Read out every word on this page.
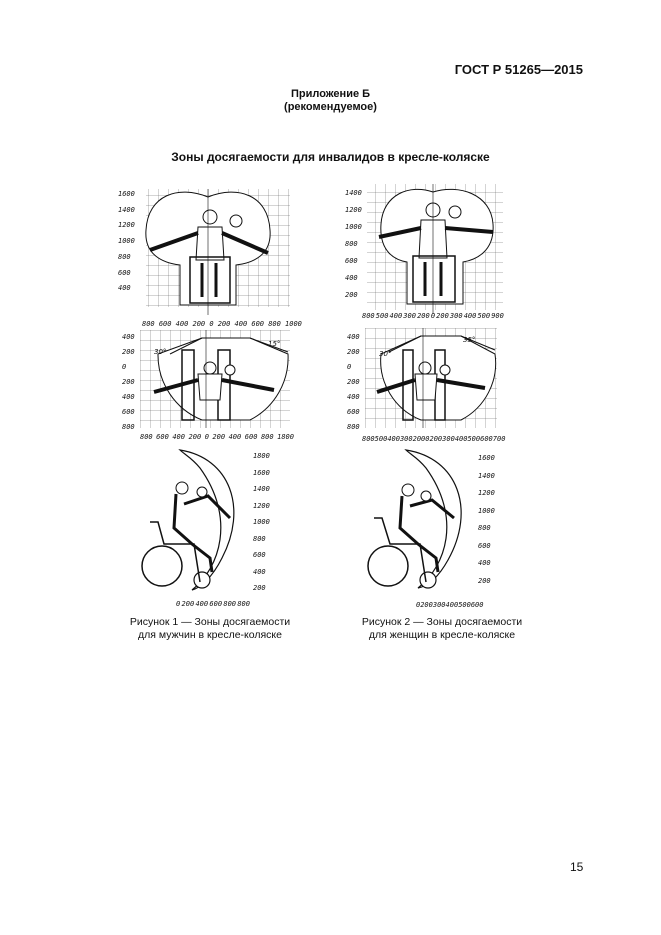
ГОСТ Р 51265—2015
Приложение Б
(рекомендуемое)
Зоны досягаемости для инвалидов в кресле-коляске
1600
1400
1200
1000
800
600
400
800 600 400 200 0 200 400 600 800 1000
1400
1200
1000
800
600
400
200
800 500 400 300 200 0 200 300 400 500 900
30°
15°
400
200
0
200
400
600
800
800 600 400 200 0 200 400 600 800 1800
30°
35°
400
200
0
200
400
600
800
800 500 400 300 200 0 200 300 400 500 600 700
1800
1600
1400
1200
1000
800
600
400
200
0 200 400 600 800 800
1600
1400
1200
1000
800
600
400
200
0 200 300 400 500 600
Рисунок 1 — Зоны досягаемости
для мужчин в кресле-коляске
Рисунок 2 — Зоны досягаемости
для женщин в кресле-коляске
15
